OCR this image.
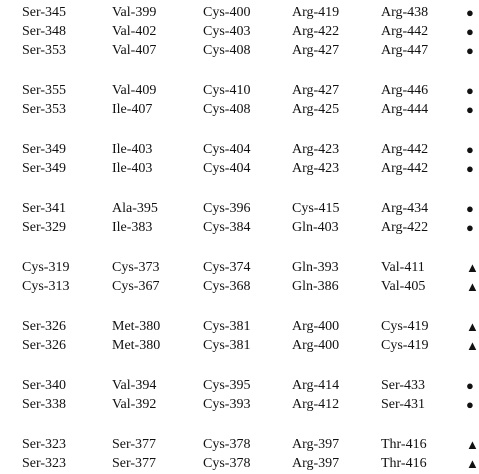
Ser-345	Val-399	Cys-400	Arg-419	Arg-438	●
Ser-348	Val-402	Cys-403	Arg-422	Arg-442	●
Ser-353	Val-407	Cys-408	Arg-427	Arg-447	●
Ser-355	Val-409	Cys-410	Arg-427	Arg-446	●
Ser-353	Ile-407	Cys-408	Arg-425	Arg-444	●
Ser-349	Ile-403	Cys-404	Arg-423	Arg-442	●
Ser-349	Ile-403	Cys-404	Arg-423	Arg-442	●
Ser-341	Ala-395	Cys-396	Cys-415	Arg-434	●
Ser-329	Ile-383	Cys-384	Gln-403	Arg-422	●
Cys-319	Cys-373	Cys-374	Gln-393	Val-411	▲
Cys-313	Cys-367	Cys-368	Gln-386	Val-405	▲
Ser-326	Met-380	Cys-381	Arg-400	Cys-419	▲
Ser-326	Met-380	Cys-381	Arg-400	Cys-419	▲
Ser-340	Val-394	Cys-395	Arg-414	Ser-433	●
Ser-338	Val-392	Cys-393	Arg-412	Ser-431	●
Ser-323	Ser-377	Cys-378	Arg-397	Thr-416	▲
Ser-323	Ser-377	Cys-378	Arg-397	Thr-416	▲
